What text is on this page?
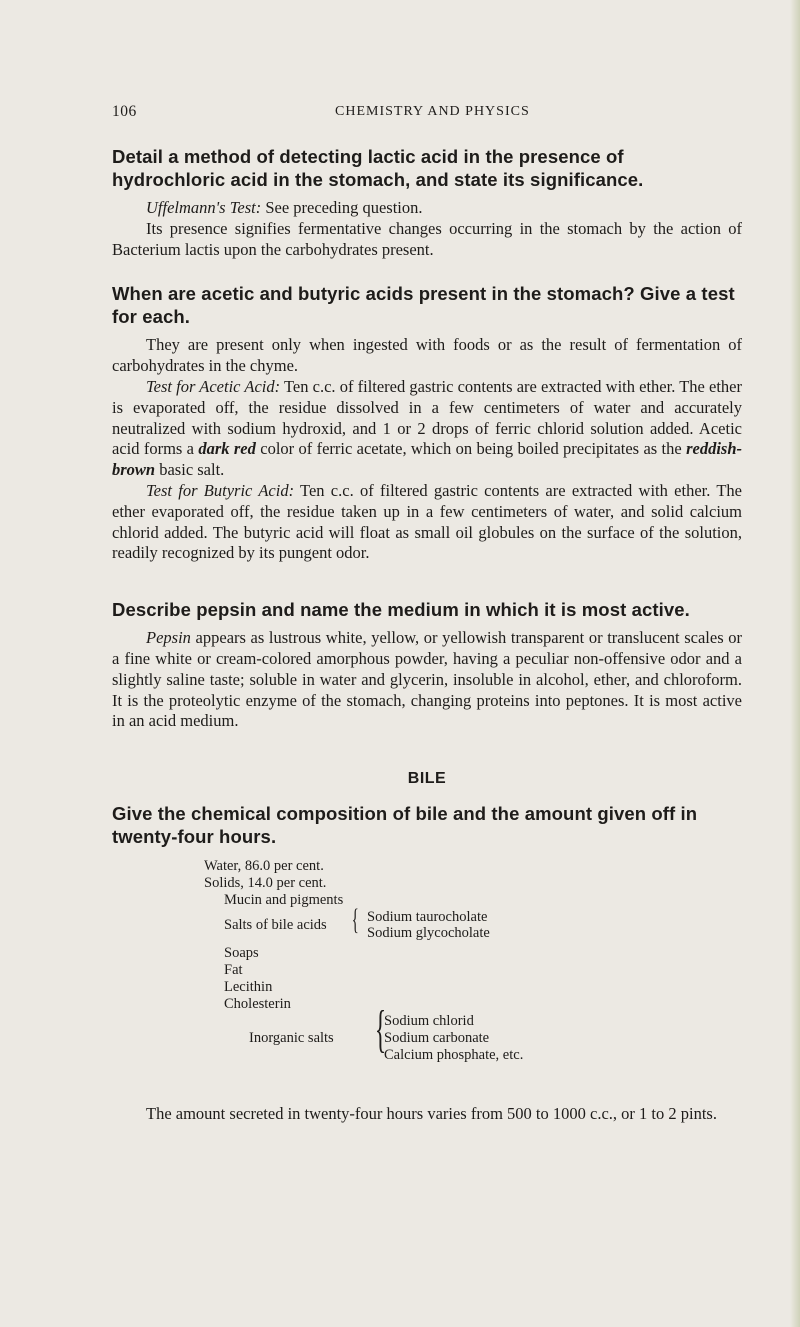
106	CHEMISTRY AND PHYSICS
Detail a method of detecting lactic acid in the presence of hydrochloric acid in the stomach, and state its significance.

Uffelmann's Test: See preceding question.

Its presence signifies fermentative changes occurring in the stomach by the action of Bacterium lactis upon the carbohydrates present.

When are acetic and butyric acids present in the stomach? Give a test for each.

They are present only when ingested with foods or as the result of fermentation of carbohydrates in the chyme.

Test for Acetic Acid: Ten c.c. of filtered gastric contents are extracted with ether. The ether is evaporated off, the residue dissolved in a few centimeters of water and accurately neutralized with sodium hydroxid, and 1 or 2 drops of ferric chlorid solution added. Acetic acid forms a dark red color of ferric acetate, which on being boiled precipitates as the reddish-brown basic salt.

Test for Butyric Acid: Ten c.c. of filtered gastric contents are extracted with ether. The ether evaporated off, the residue taken up in a few centimeters of water, and solid calcium chlorid added. The butyric acid will float as small oil globules on the surface of the solution, readily recognized by its pungent odor.

Describe pepsin and name the medium in which it is most active.

Pepsin appears as lustrous white, yellow, or yellowish transparent or translucent scales or a fine white or cream-colored amorphous powder, having a peculiar non-offensive odor and a slightly saline taste; soluble in water and glycerin, insoluble in alcohol, ether, and chloroform. It is the proteolytic enzyme of the stomach, changing proteins into peptones. It is most active in an acid medium.

BILE
Give the chemical composition of bile and the amount given off in twenty-four hours.
Water, 86.0 per cent.
Solids, 14.0 per cent.
Mucin and pigments
Salts of bile acids { Sodium taurocholate
Sodium glycocholate
Soaps
Fat
Lecithin
Cholesterin
Inorganic salts {
Sodium chlorid
Sodium carbonate
Calcium phosphate, etc.

The amount secreted in twenty-four hours varies from 500 to 1000 c.c., or 1 to 2 pints.
